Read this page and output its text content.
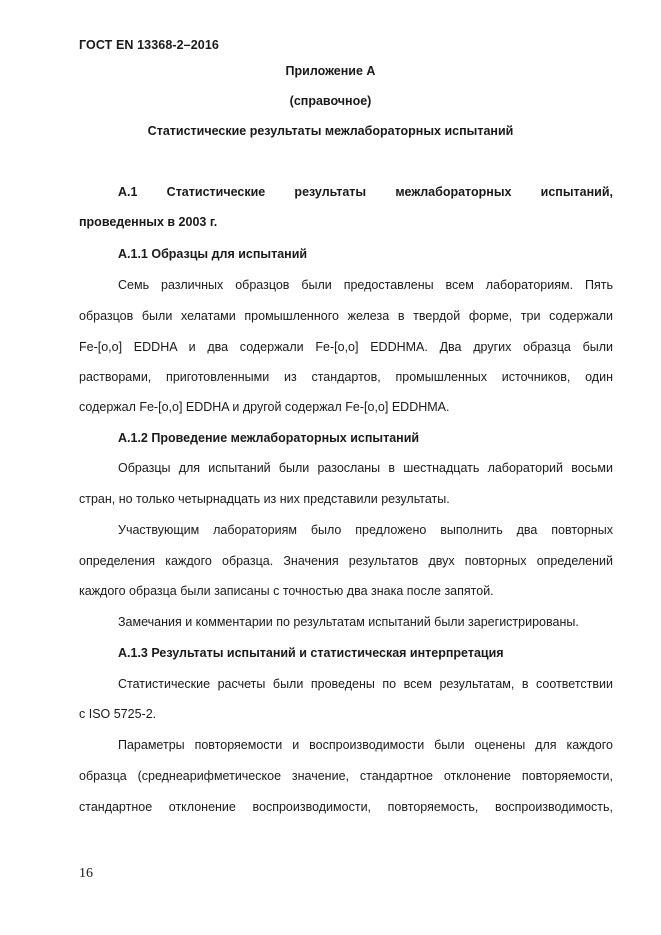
ГОСТ EN 13368-2–2016
Приложение А
(справочное)
Статистические результаты межлабораторных испытаний
А.1 Статистические результаты межлабораторных испытаний,
проведенных в 2003 г.
А.1.1 Образцы для испытаний
Семь различных образцов были предоставлены всем лабораториям. Пять
образцов были хелатами промышленного железа в твердой форме, три содержали
Fe-[o,o] EDDHA и два содержали Fe-[o,o] EDDHMA. Два других образца были
растворами, приготовленными из стандартов, промышленных источников, один
содержал Fe-[o,o] EDDHA и другой содержал Fe-[o,o] EDDHMA.
А.1.2 Проведение межлабораторных испытаний
Образцы для испытаний были разосланы в шестнадцать лабораторий восьми
стран, но только четырнадцать из них представили результаты.
Участвующим лабораториям было предложено выполнить два повторных
определения каждого образца. Значения результатов двух повторных определений
каждого образца были записаны с точностью два знака после запятой.
Замечания и комментарии по результатам испытаний были зарегистрированы.
А.1.3 Результаты испытаний и статистическая интерпретация
Статистические расчеты были проведены по всем результатам, в соответствии
с ISO 5725-2.
Параметры повторяемости и воспроизводимости были оценены для каждого
образца (среднеарифметическое значение, стандартное отклонение повторяемости,
стандартное отклонение воспроизводимости, повторяемость, воспроизводимость,
16
